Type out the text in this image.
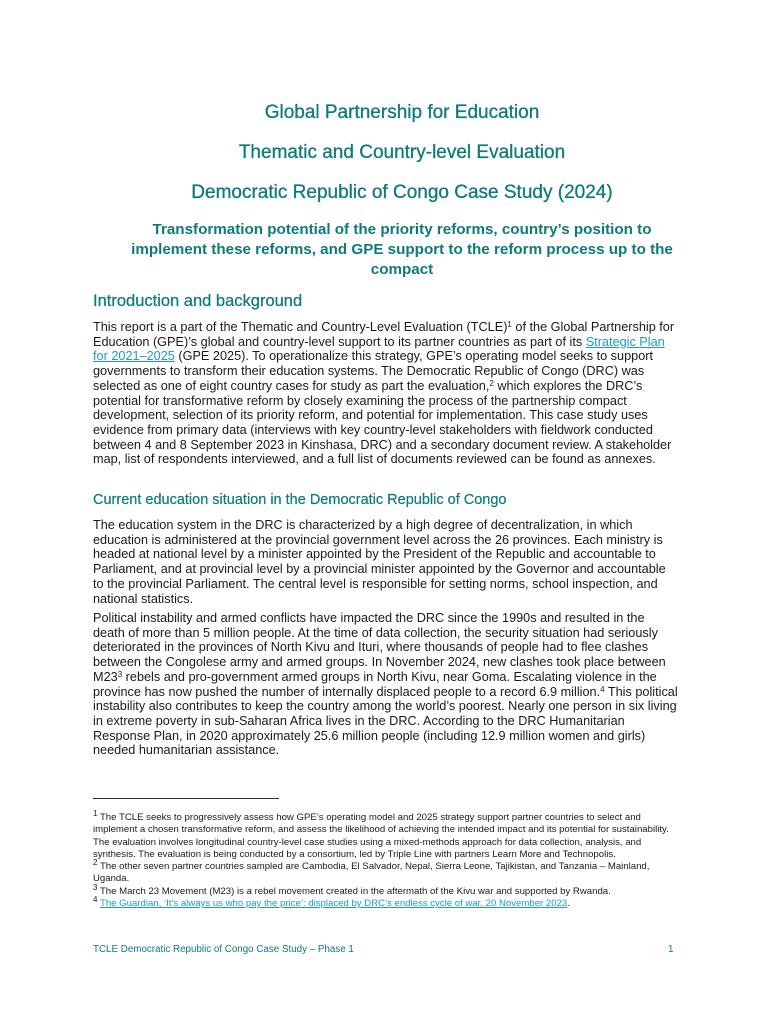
Global Partnership for Education
Thematic and Country-level Evaluation
Democratic Republic of Congo Case Study (2024)

Transformation potential of the priority reforms, country’s position to implement these reforms, and GPE support to the reform process up to the compact

Introduction and background

This report is a part of the Thematic and Country-Level Evaluation (TCLE)$^1$ of the Global Partnership for Education (GPE)’s global and country-level support to its partner countries as part of its Strategic Plan for 2021–2025 (GPE 2025). To operationalize this strategy, GPE’s operating model seeks to support governments to transform their education systems. The Democratic Republic of Congo (DRC) was selected as one of eight country cases for study as part the evaluation,$^2$ which explores the DRC’s potential for transformative reform by closely examining the process of the partnership compact development, selection of its priority reform, and potential for implementation. This case study uses evidence from primary data (interviews with key country-level stakeholders with fieldwork conducted between 4 and 8 September 2023 in Kinshasa, DRC) and a secondary document review. A stakeholder map, list of respondents interviewed, and a full list of documents reviewed can be found as annexes.

Current education situation in the Democratic Republic of Congo

The education system in the DRC is characterized by a high degree of decentralization, in which education is administered at the provincial government level across the 26 provinces. Each ministry is headed at national level by a minister appointed by the President of the Republic and accountable to Parliament, and at provincial level by a provincial minister appointed by the Governor and accountable to the provincial Parliament. The central level is responsible for setting norms, school inspection, and national statistics.

Political instability and armed conflicts have impacted the DRC since the 1990s and resulted in the death of more than 5 million people. At the time of data collection, the security situation had seriously deteriorated in the provinces of North Kivu and Ituri, where thousands of people had to flee clashes between the Congolese army and armed groups. In November 2024, new clashes took place between $M23^3$ rebels and pro-government armed groups in North Kivu, near Goma. Escalating violence in the province has now pushed the number of internally displaced people to a record 6.9 million.$^4$ This political instability also contributes to keep the country among the world’s poorest. Nearly one person in six living in extreme poverty in sub-Saharan Africa lives in the DRC. According to the DRC Humanitarian Response Plan, in 2020 approximately 25.6 million people (including 12.9 million women and girls) needed humanitarian assistance.

$^1$ The TCLE seeks to progressively assess how GPE’s operating model and 2025 strategy support partner countries to select and implement a chosen transformative reform, and assess the likelihood of achieving the intended impact and its potential for sustainability. The evaluation involves longitudinal country-level case studies using a mixed-methods approach for data collection, analysis, and synthesis. The evaluation is being conducted by a consortium, led by Triple Line with partners Learn More and Technopolis.
$^2$ The other seven partner countries sampled are Cambodia, El Salvador, Nepal, Sierra Leone, Tajikistan, and Tanzania – Mainland, Uganda.
$^3$ The March 23 Movement (M23) is a rebel movement created in the aftermath of the Kivu war and supported by Rwanda.
$^4$ The Guardian, ‘It’s always us who pay the price’: displaced by DRC’s endless cycle of war, 20 November 2023.
TCLE Democratic Republic of Congo Case Study – Phase 1	1
